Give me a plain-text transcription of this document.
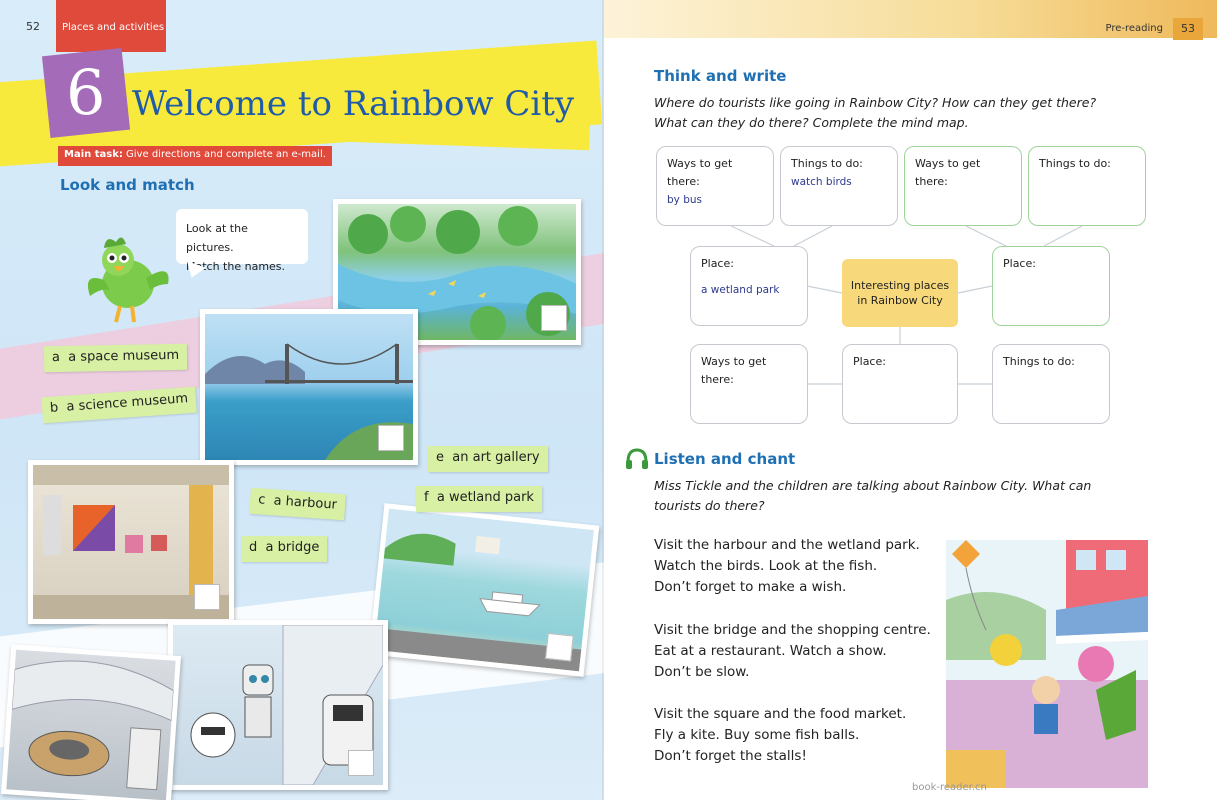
52	Places and activities
6 Welcome to Rainbow City
Main task: Give directions and complete an e-mail.
Look and match
Look at the pictures.
Match the names.
a a space museum
b a science museum
c a harbour
d a bridge
e an art gallery
f a wetland park
Pre-reading	53
Think and write
Where do tourists like going in Rainbow City? How can they get there?
What can they do there? Complete the mind map.
Ways to get there:
by bus
Things to do:
watch birds
Ways to get there:
Things to do:
Place:
a wetland park	Interesting places
in Rainbow City
Place:
Ways to get there:
Place:	Things to do:
Listen and chant
Miss Tickle and the children are talking about Rainbow City. What can
tourists do there?
Visit the harbour and the wetland park.
Watch the birds. Look at the fish.
Don’t forget to make a wish.
Visit the bridge and the shopping centre.
Eat at a restaurant. Watch a show.
Don’t be slow.
Visit the square and the food market.
Fly a kite. Buy some fish balls.
Don’t forget the stalls!
book-reader.cn
